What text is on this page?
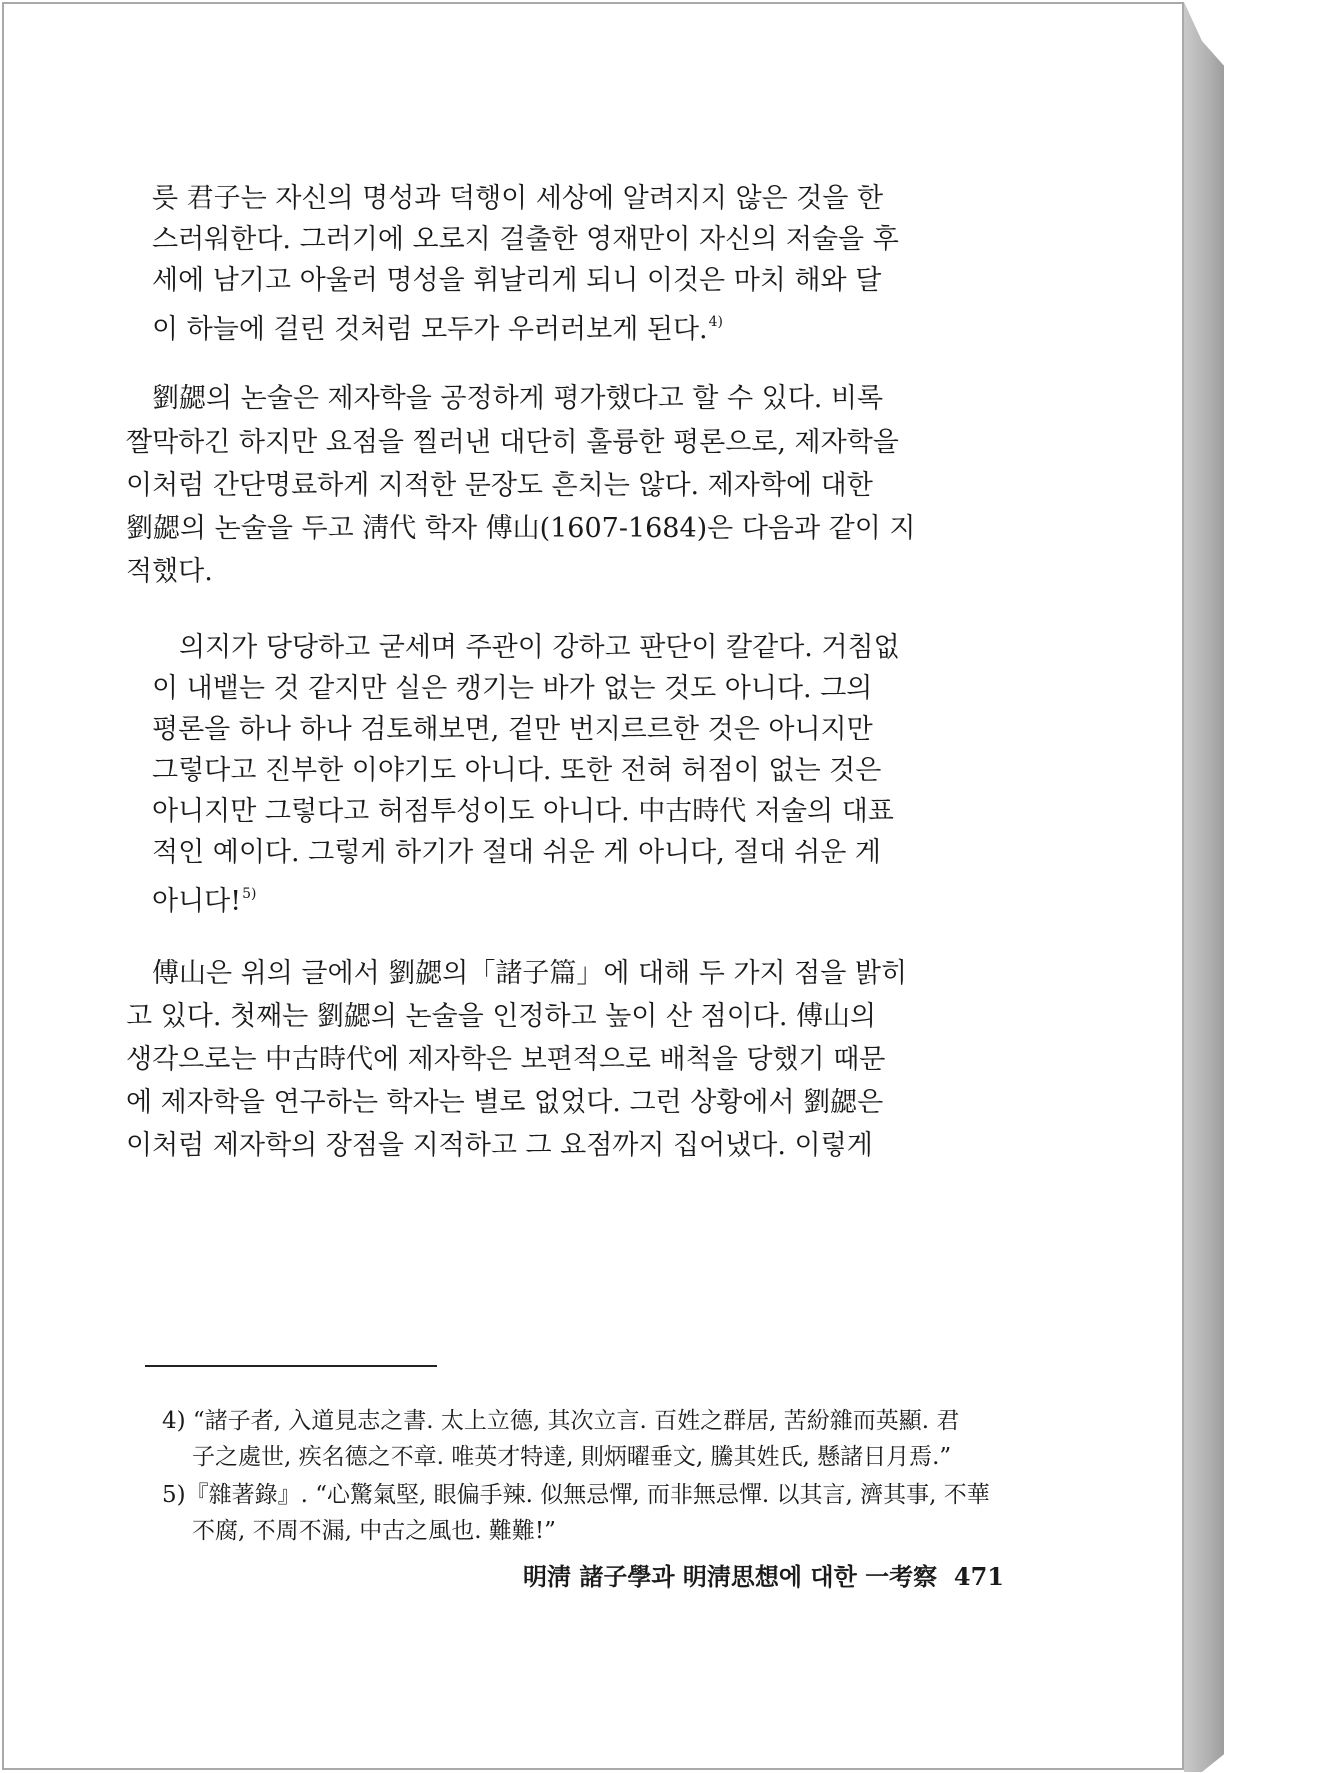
릇 君子는 자신의 명성과 덕행이 세상에 알려지지 않은 것을 한
스러워한다. 그러기에 오로지 걸출한 영재만이 자신의 저술을 후
세에 남기고 아울러 명성을 휘날리게 되니 이것은 마치 해와 달
이 하늘에 걸린 것처럼 모두가 우러러보게 된다.$^{4)}$
劉勰의 논술은 제자학을 공정하게 평가했다고 할 수 있다. 비록
짤막하긴 하지만 요점을 찔러낸 대단히 훌륭한 평론으로, 제자학을
이처럼 간단명료하게 지적한 문장도 흔치는 않다. 제자학에 대한
劉勰의 논술을 두고 淸代 학자 傅山(1607-1684)은 다음과 같이 지
적했다.
의지가 당당하고 굳세며 주관이 강하고 판단이 칼같다. 거침없
이 내뱉는 것 같지만 실은 캥기는 바가 없는 것도 아니다. 그의
평론을 하나 하나 검토해보면, 겉만 번지르르한 것은 아니지만
그렇다고 진부한 이야기도 아니다. 또한 전혀 허점이 없는 것은
아니지만 그렇다고 허점투성이도 아니다. 中古時代 저술의 대표
적인 예이다. 그렇게 하기가 절대 쉬운 게 아니다, 절대 쉬운 게
아니다!$^{5)}$
傅山은 위의 글에서 劉勰의「諸子篇」에 대해 두 가지 점을 밝히
고 있다. 첫째는 劉勰의 논술을 인정하고 높이 산 점이다. 傅山의
생각으로는 中古時代에 제자학은 보편적으로 배척을 당했기 때문
에 제자학을 연구하는 학자는 별로 없었다. 그런 상황에서 劉勰은
이처럼 제자학의 장점을 지적하고 그 요점까지 집어냈다. 이렇게
4) “諸子者, 入道見志之書. 太上立德, 其次立言. 百姓之群居, 苦紛雜而英顯. 君
子之處世, 疾名德之不章. 唯英才特達, 則炳曜垂文, 騰其姓氏, 懸諸日月焉.”
5)『雜著錄』. “心驚氣堅, 眼偏手辣. 似無忌憚, 而非無忌憚. 以其言, 濟其事, 不華
不腐, 不周不漏, 中古之風也. 難難!”
明淸 諸子學과 明淸思想에 대한 一考察 471
